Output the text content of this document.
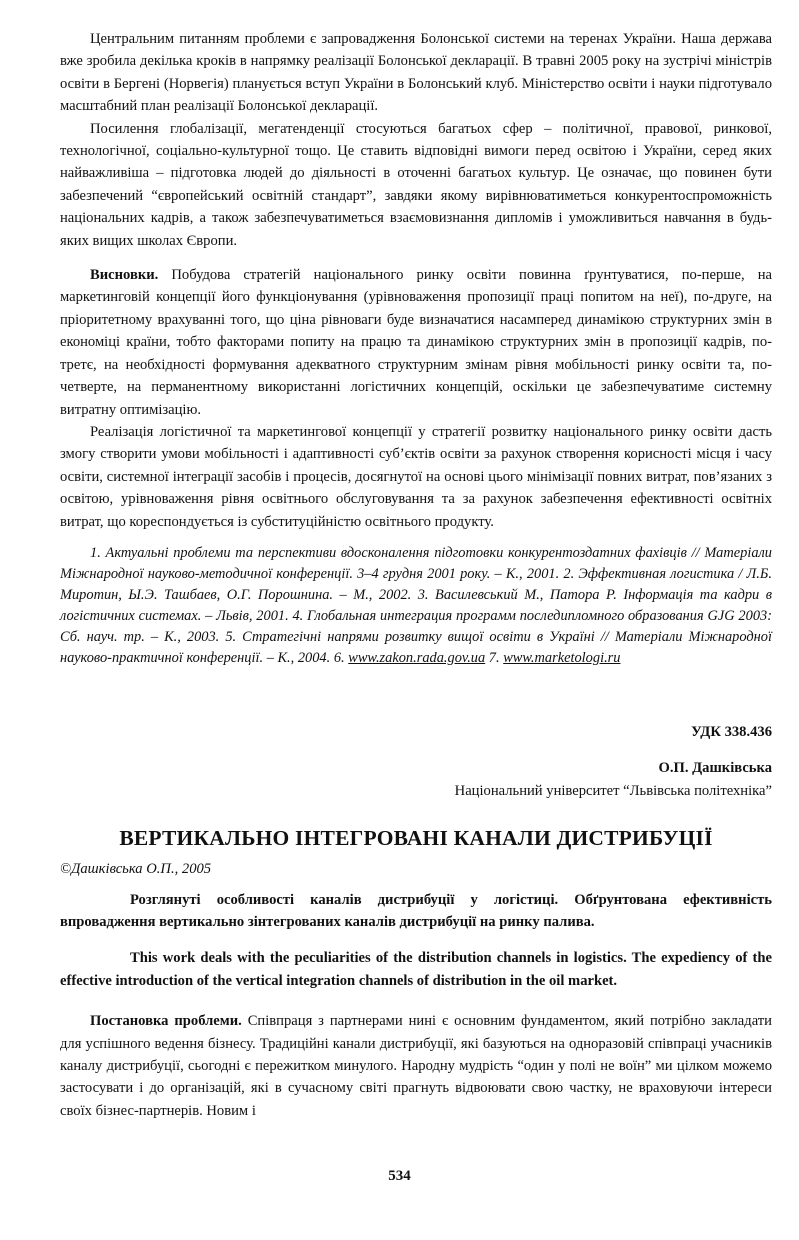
Центральним питанням проблеми є запровадження Болонської системи на теренах України. Наша держава вже зробила декілька кроків в напрямку реалізації Болонської декларації. В травні 2005 року на зустрічі міністрів освіти в Бергені (Норвегія) планується вступ України в Болонський клуб. Міністерство освіти і науки підготувало масштабний план реалізації Болонської декларації.

Посилення глобалізації, мегатенденції стосуються багатьох сфер – політичної, правової, ринкової, технологічної, соціально-культурної тощо. Це ставить відповідні вимоги перед освітою і України, серед яких найважливіша – підготовка людей до діяльності в оточенні багатьох культур. Це означає, що повинен бути забезпечений “європейський освітній стандарт”, завдяки якому вирівнюватиметься конкурентоспроможність національних кадрів, а також забезпечуватиметься взаємовизнання дипломів і уможливиться навчання в будь-яких вищих школах Європи.

Висновки. Побудова стратегій національного ринку освіти повинна ґрунтуватися, по-перше, на маркетинговій концепції його функціонування (урівноваження пропозиції праці попитом на неї), по-друге, на пріоритетному врахуванні того, що ціна рівноваги буде визначатися насамперед динамікою структурних змін в економіці країни, тобто факторами попиту на працю та динамікою структурних змін в пропозиції кадрів, по-третє, на необхідності формування адекватного структурним змінам рівня мобільності ринку освіти та, по-четверте, на перманентному використанні логістичних концепцій, оскільки це забезпечуватиме системну витратну оптимізацію.

Реалізація логістичної та маркетингової концепції у стратегії розвитку національного ринку освіти дасть змогу створити умови мобільності і адаптивності суб’єктів освіти за рахунок створення корисності місця і часу освіти, системної інтеграції засобів і процесів, досягнутої на основі цього мінімізації повних витрат, пов’язаних з освітою, урівноваження рівня освітнього обслуговування та за рахунок забезпечення ефективності освітніх витрат, що кореспондується із субституційністю освітнього продукту.

1. Актуальні проблеми та перспективи вдосконалення підготовки конкурентоздатних фахівців // Матеріали Міжнародної науково-методичної конференції. 3–4 грудня 2001 року. – К., 2001. 2. Эффективная логистика / Л.Б. Миротин, Ы.Э. Ташбаев, О.Г. Порошнина. – М., 2002. 3. Василевський М., Патора Р. Інформація та кадри в логістичних системах. – Львів, 2001. 4. Глобальная интеграция программ последипломного образования GJG 2003: Сб. науч. тр. – К., 2003. 5. Стратегічні напрями розвитку вищої освіти в Україні // Матеріали Міжнародної науково-практичної конференції. – К., 2004. 6. www.zakon.rada.gov.ua 7. www.marketologi.ru

УДК 338.436

О.П. Дашківська

Національний університет “Львівська політехніка”

ВЕРТИКАЛЬНО ІНТЕГРОВАНІ КАНАЛИ ДИСТРИБУЦІЇ

©Дашківська О.П., 2005

Розглянуті особливості каналів дистрибуції у логістиці. Обґрунтована ефективність впровадження вертикально зінтегрованих каналів дистрибуції на ринку палива.

This work deals with the peculiarities of the distribution channels in logistics. The expediency of the effective introduction of the vertical integration channels of distribution in the oil market.

Постановка проблеми. Співпраця з партнерами нині є основним фундаментом, який потрібно закладати для успішного ведення бізнесу. Традиційні канали дистрибуції, які базуються на одноразовій співпраці учасників каналу дистрибуції, сьогодні є пережитком минулого. Народну мудрість “один у полі не воїн” ми цілком можемо застосувати і до організацій, які в сучасному світі прагнуть відвоювати свою частку, не враховуючи інтереси своїх бізнес-партнерів. Новим і

534
